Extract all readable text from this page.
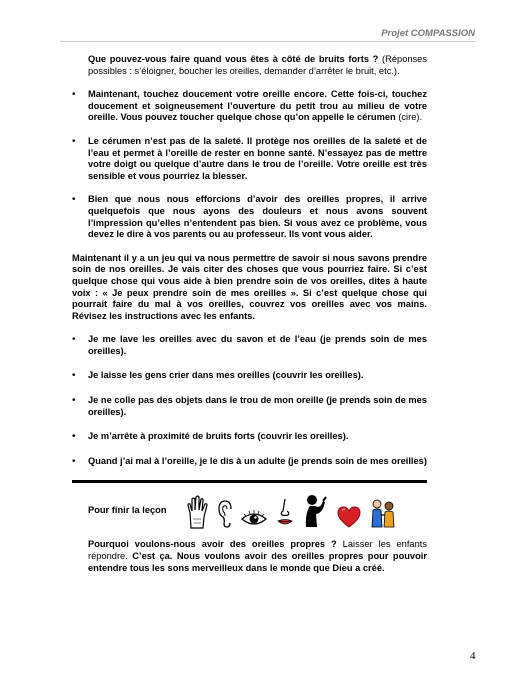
Projet COMPASSION

Que pouvez-vous faire quand vous êtes à côté de bruits forts ? (Réponses possibles : s’éloigner, boucher les oreilles, demander d’arrêter le bruit, etc.).

•	Maintenant, touchez doucement votre oreille encore. Cette fois-ci, touchez doucement et soigneusement l’ouverture du petit trou au milieu de votre oreille. Vous pouvez toucher quelque chose qu’on appelle le cérumen (cire).
•	Le cérumen n’est pas de la saleté. Il protège nos oreilles de la saleté et de l’eau et permet à l’oreille de rester en bonne santé. N’essayez pas de mettre votre doigt ou quelque d’autre dans le trou de l’oreille. Votre oreille est très sensible et vous pourriez la blesser.
•	Bien que nous nous efforcions d’avoir des oreilles propres, il arrive quelquefois que nous ayons des douleurs et nous avons souvent l’impression qu’elles n’entendent pas bien. Si vous avez ce problème, vous devez le dire à vos parents ou au professeur. Ils vont vous aider.

Maintenant il y a un jeu qui va nous permettre de savoir si nous savons prendre soin de nos oreilles. Je vais citer des choses que vous pourriez faire. Si c’est quelque chose qui vous aide à bien prendre soin de vos oreilles, dites à haute voix : « Je peux prendre soin de mes oreilles ». Si c’est quelque chose qui pourrait faire du mal à vos oreilles, couvrez vos oreilles avec vos mains. Révisez les instructions avec les enfants.

•	Je me lave les oreilles avec du savon et de l’eau (je prends soin de mes oreilles).
•	Je laisse les gens crier dans mes oreilles (couvrir les oreilles).
•	Je ne colle pas des objets dans le trou de mon oreille (je prends soin de mes oreilles).
•	Je m’arrête à proximité de bruits forts (couvrir les oreilles).
•	Quand j’ai mal à l’oreille, je le dis à un adulte (je prends soin de mes oreilles)
Pour finir la leçon

Pourquoi voulons-nous avoir des oreilles propres ? Laisser les enfants répondre. C’est ça. Nous voulons avoir des oreilles propres pour pouvoir entendre tous les sons merveilleux dans le monde que Dieu a créé.

4
